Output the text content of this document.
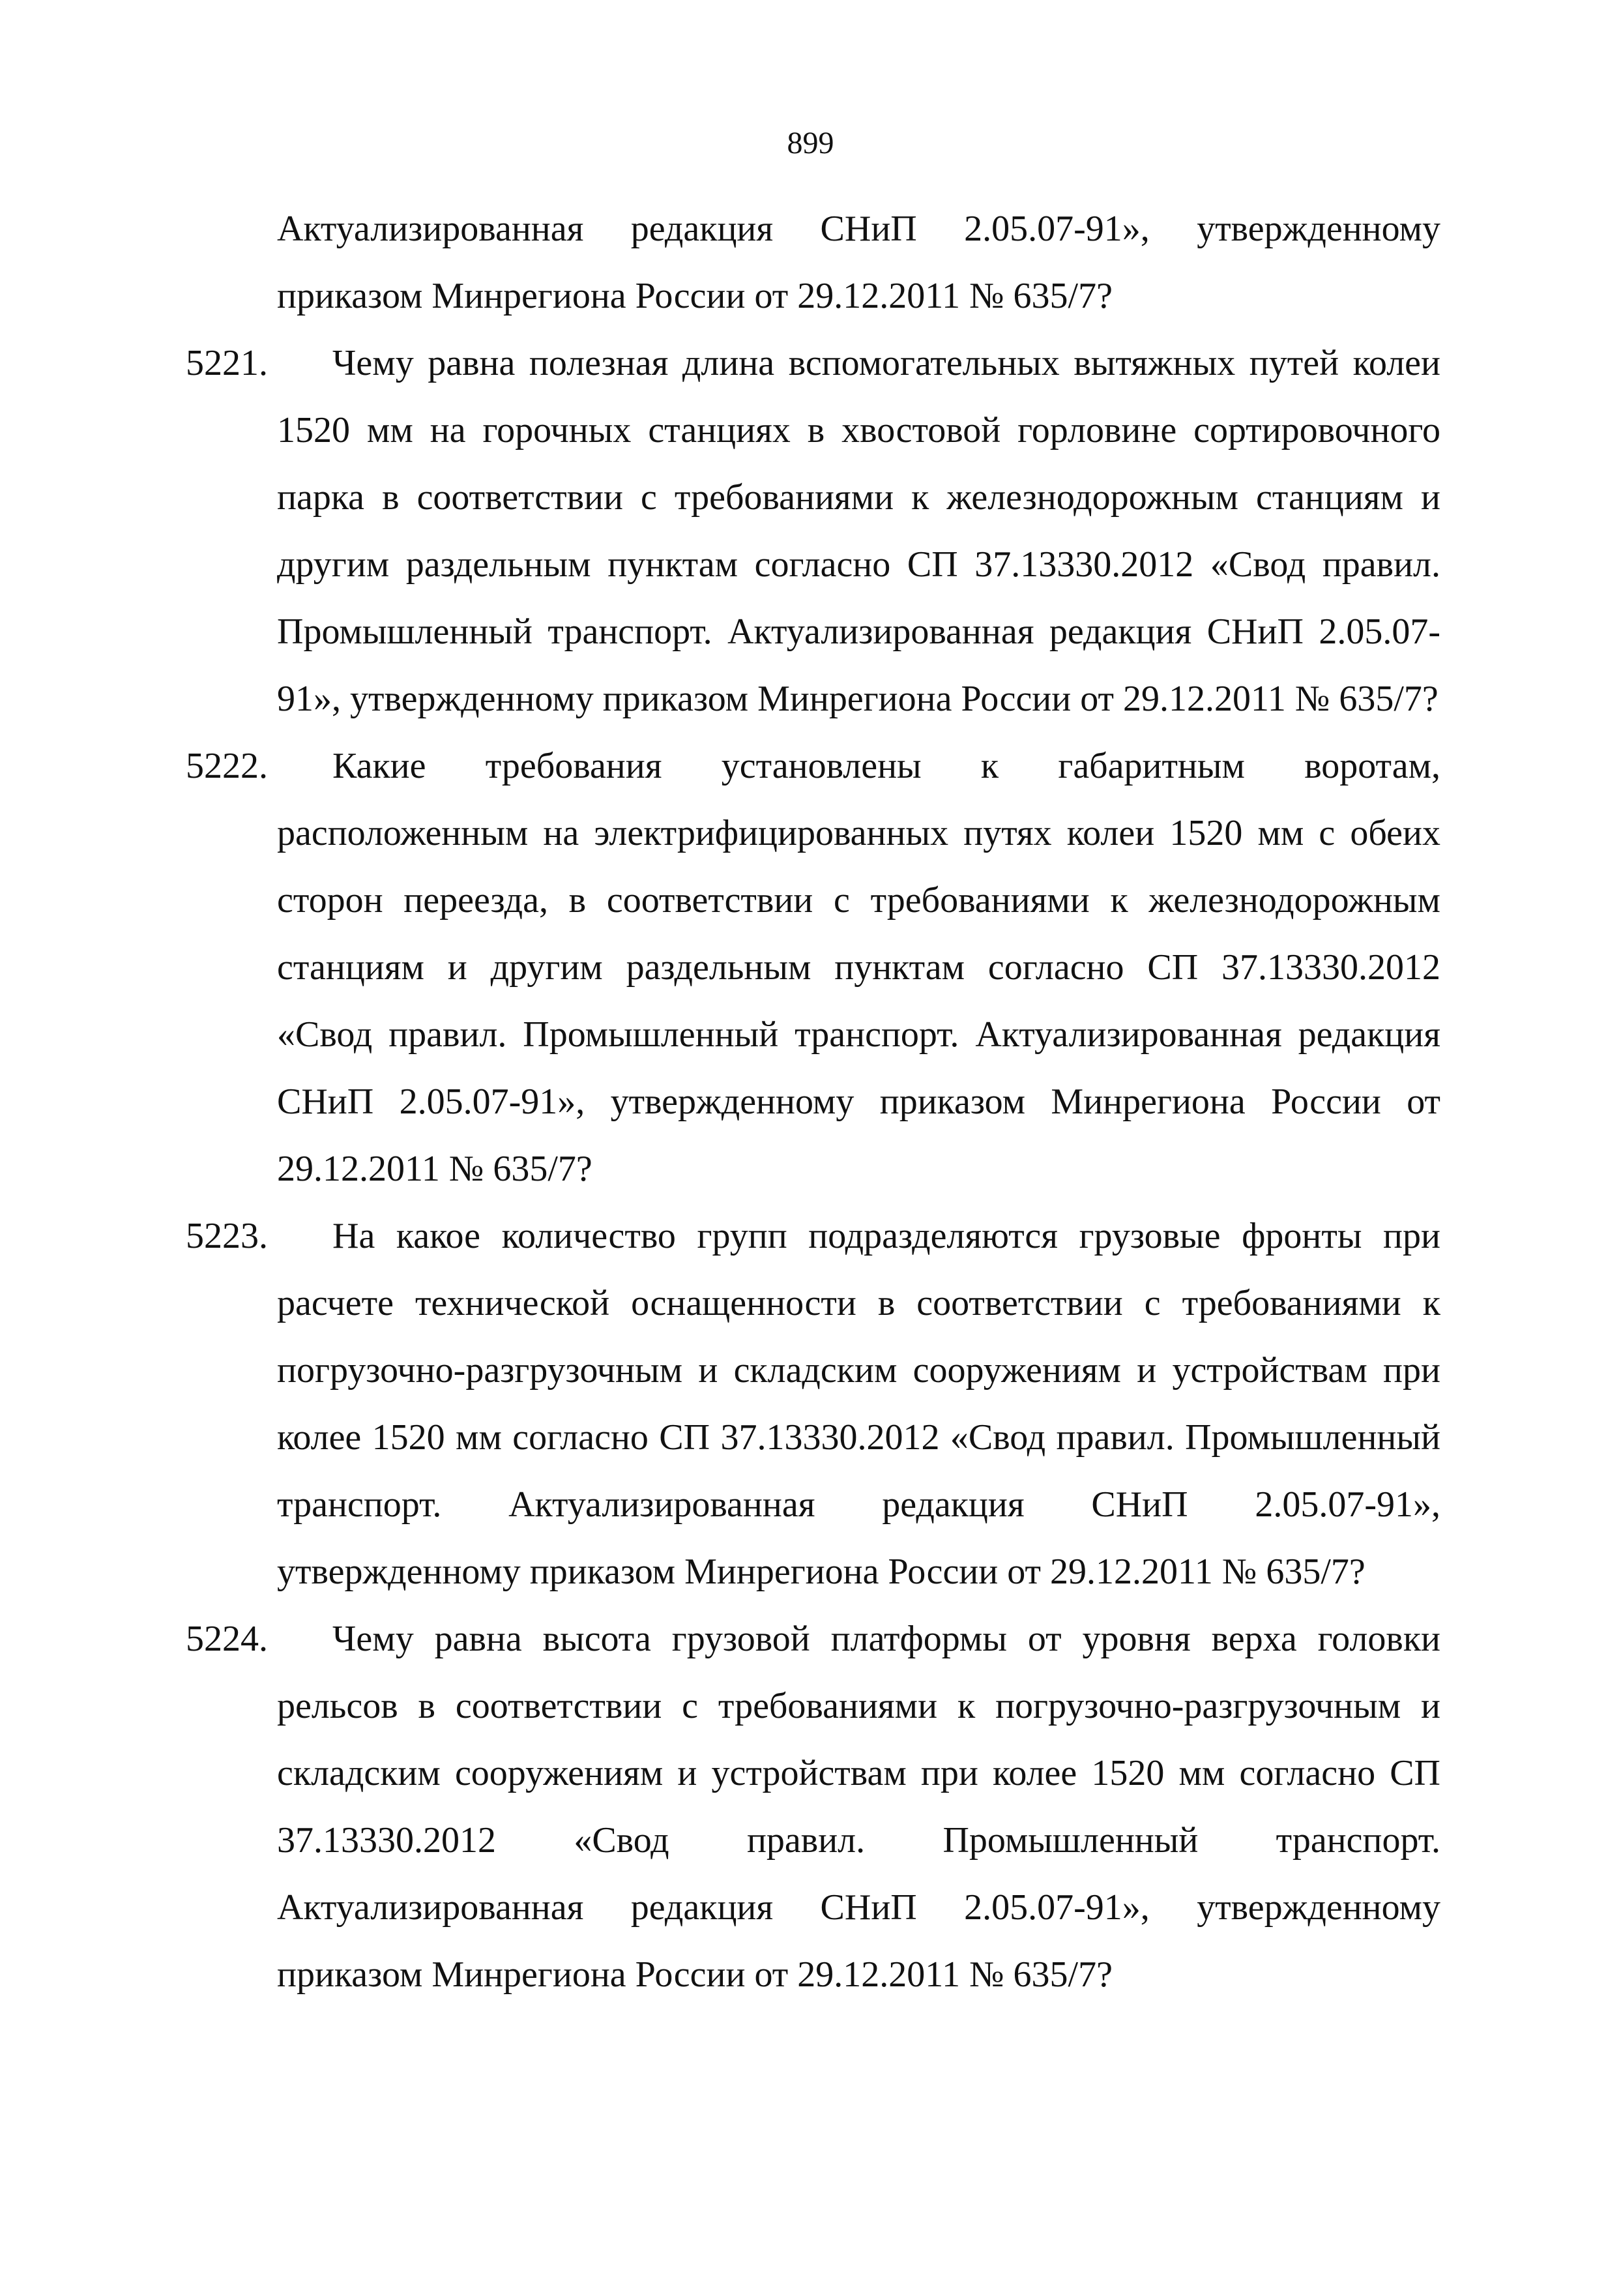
899

Актуализированная редакция СНиП 2.05.07-91», утвержденному приказом Минрегиона России от 29.12.2011 № 635/7?

5221.	Чему равна полезная длина вспомогательных вытяжных путей колеи 1520 мм на горочных станциях в хвостовой горловине сортировочного парка в соответствии с требованиями к железнодорожным станциям и другим раздельным пунктам согласно СП 37.13330.2012 «Свод правил. Промышленный транспорт. Актуализированная редакция СНиП 2.05.07-91», утвержденному приказом Минрегиона России от 29.12.2011 № 635/7?
5222.	Какие требования установлены к габаритным воротам, расположенным на электрифицированных путях колеи 1520 мм с обеих сторон переезда, в соответствии с требованиями к железнодорожным станциям и другим раздельным пунктам согласно СП 37.13330.2012 «Свод правил. Промышленный транспорт. Актуализированная редакция СНиП 2.05.07-91», утвержденному приказом Минрегиона России от 29.12.2011 № 635/7?
5223.	На какое количество групп подразделяются грузовые фронты при расчете технической оснащенности в соответствии с требованиями к погрузочно-разгрузочным и складским сооружениям и устройствам при колее 1520 мм согласно СП 37.13330.2012 «Свод правил. Промышленный транспорт. Актуализированная редакция СНиП 2.05.07-91», утвержденному приказом Минрегиона России от 29.12.2011 № 635/7?
5224.	Чему равна высота грузовой платформы от уровня верха головки рельсов в соответствии с требованиями к погрузочно-разгрузочным и складским сооружениям и устройствам при колее 1520 мм согласно СП 37.13330.2012 «Свод правил. Промышленный транспорт. Актуализированная редакция СНиП 2.05.07-91», утвержденному приказом Минрегиона России от 29.12.2011 № 635/7?
